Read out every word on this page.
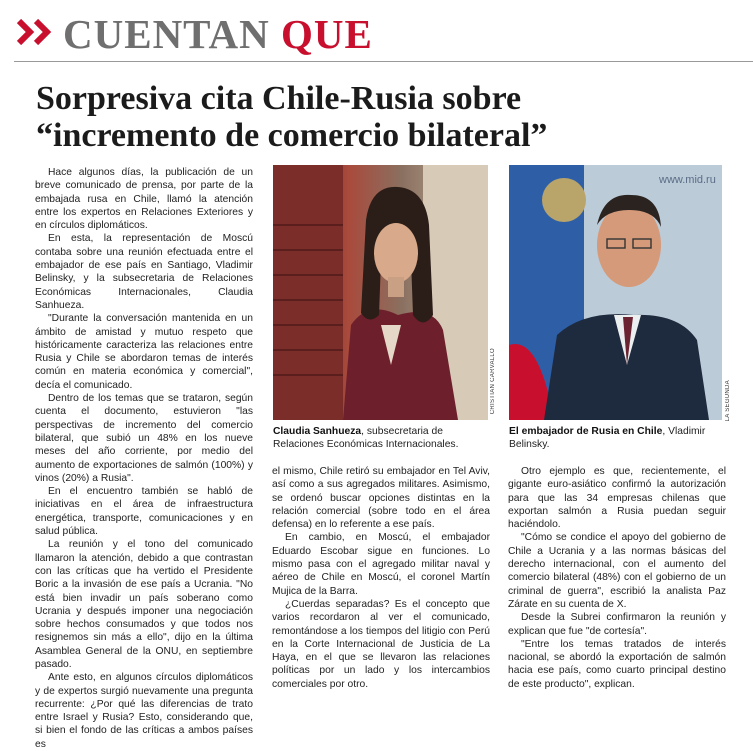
CUENTAN QUE
Sorpresiva cita Chile-Rusia sobre
“incremento de comercio bilateral”

Hace algunos días, la publicación de un breve comunicado de prensa, por parte de la embajada rusa en Chile, llamó la atención entre los expertos en Relaciones Exteriores y en círculos diplomáticos.

En esta, la representación de Moscú contaba sobre una reunión efectuada entre el embajador de ese país en Santiago, Vladimir Belinsky, y la subsecretaria de Relaciones Económicas Internacionales, Claudia Sanhueza.

"Durante la conversación mantenida en un ámbito de amistad y mutuo respeto que históricamente caracteriza las relaciones entre Rusia y Chile se abordaron temas de interés común en materia económica y comercial", decía el comunicado.

Dentro de los temas que se trataron, según cuenta el documento, estuvieron "las perspectivas de incremento del comercio bilateral, que subió un 48% en los nueve meses del año corriente, por medio del aumento de exportaciones de salmón (100%) y vinos (20%) a Rusia".

En el encuentro también se habló de iniciativas en el área de infraestructura energética, transporte, comunicaciones y en salud pública.

La reunión y el tono del comunicado llamaron la atención, debido a que contrastan con las críticas que ha vertido el Presidente Boric a la invasión de ese país a Ucrania. "No está bien invadir un país soberano como Ucrania y después imponer una negociación sobre hechos consumados y que todos nos resignemos sin más a ello", dijo en la última Asamblea General de la ONU, en septiembre pasado.

Ante esto, en algunos círculos diplomáticos y de expertos surgió nuevamente una pregunta recurrente: ¿Por qué las diferencias de trato entre Israel y Rusia? Esto, considerando que, si bien el fondo de las críticas a ambos países es

CRISTIAN CARVALLO
www.mid.ru
LA SEGUNDA
Claudia Sanhueza, subsecretaria de Relaciones Económicas Internacionales.
El embajador de Rusia en Chile, Vladimir Belinsky.

el mismo, Chile retiró su embajador en Tel Aviv, así como a sus agregados militares. Asimismo, se ordenó buscar opciones distintas en la relación comercial (sobre todo en el área defensa) en lo referente a ese país.

En cambio, en Moscú, el embajador Eduardo Escobar sigue en funciones. Lo mismo pasa con el agregado militar naval y aéreo de Chile en Moscú, el coronel Martín Mujica de la Barra.

¿Cuerdas separadas? Es el concepto que varios recordaron al ver el comunicado, remontándose a los tiempos del litigio con Perú en la Corte Internacional de Justicia de La Haya, en el que se llevaron las relaciones políticas por un lado y los intercambios comerciales por otro.

Otro ejemplo es que, recientemente, el gigante euro-asiático confirmó la autorización para que las 34 empresas chilenas que exportan salmón a Rusia puedan seguir haciéndolo.

"Cómo se condice el apoyo del gobierno de Chile a Ucrania y a las normas básicas del derecho internacional, con el aumento del comercio bilateral (48%) con el gobierno de un criminal de guerra", escribió la analista Paz Zárate en su cuenta de X.

Desde la Subrei confirmaron la reunión y explican que fue "de cortesía".

"Entre los temas tratados de interés nacional, se abordó la exportación de salmón hacia ese país, como cuarto principal destino de este producto", explican.
